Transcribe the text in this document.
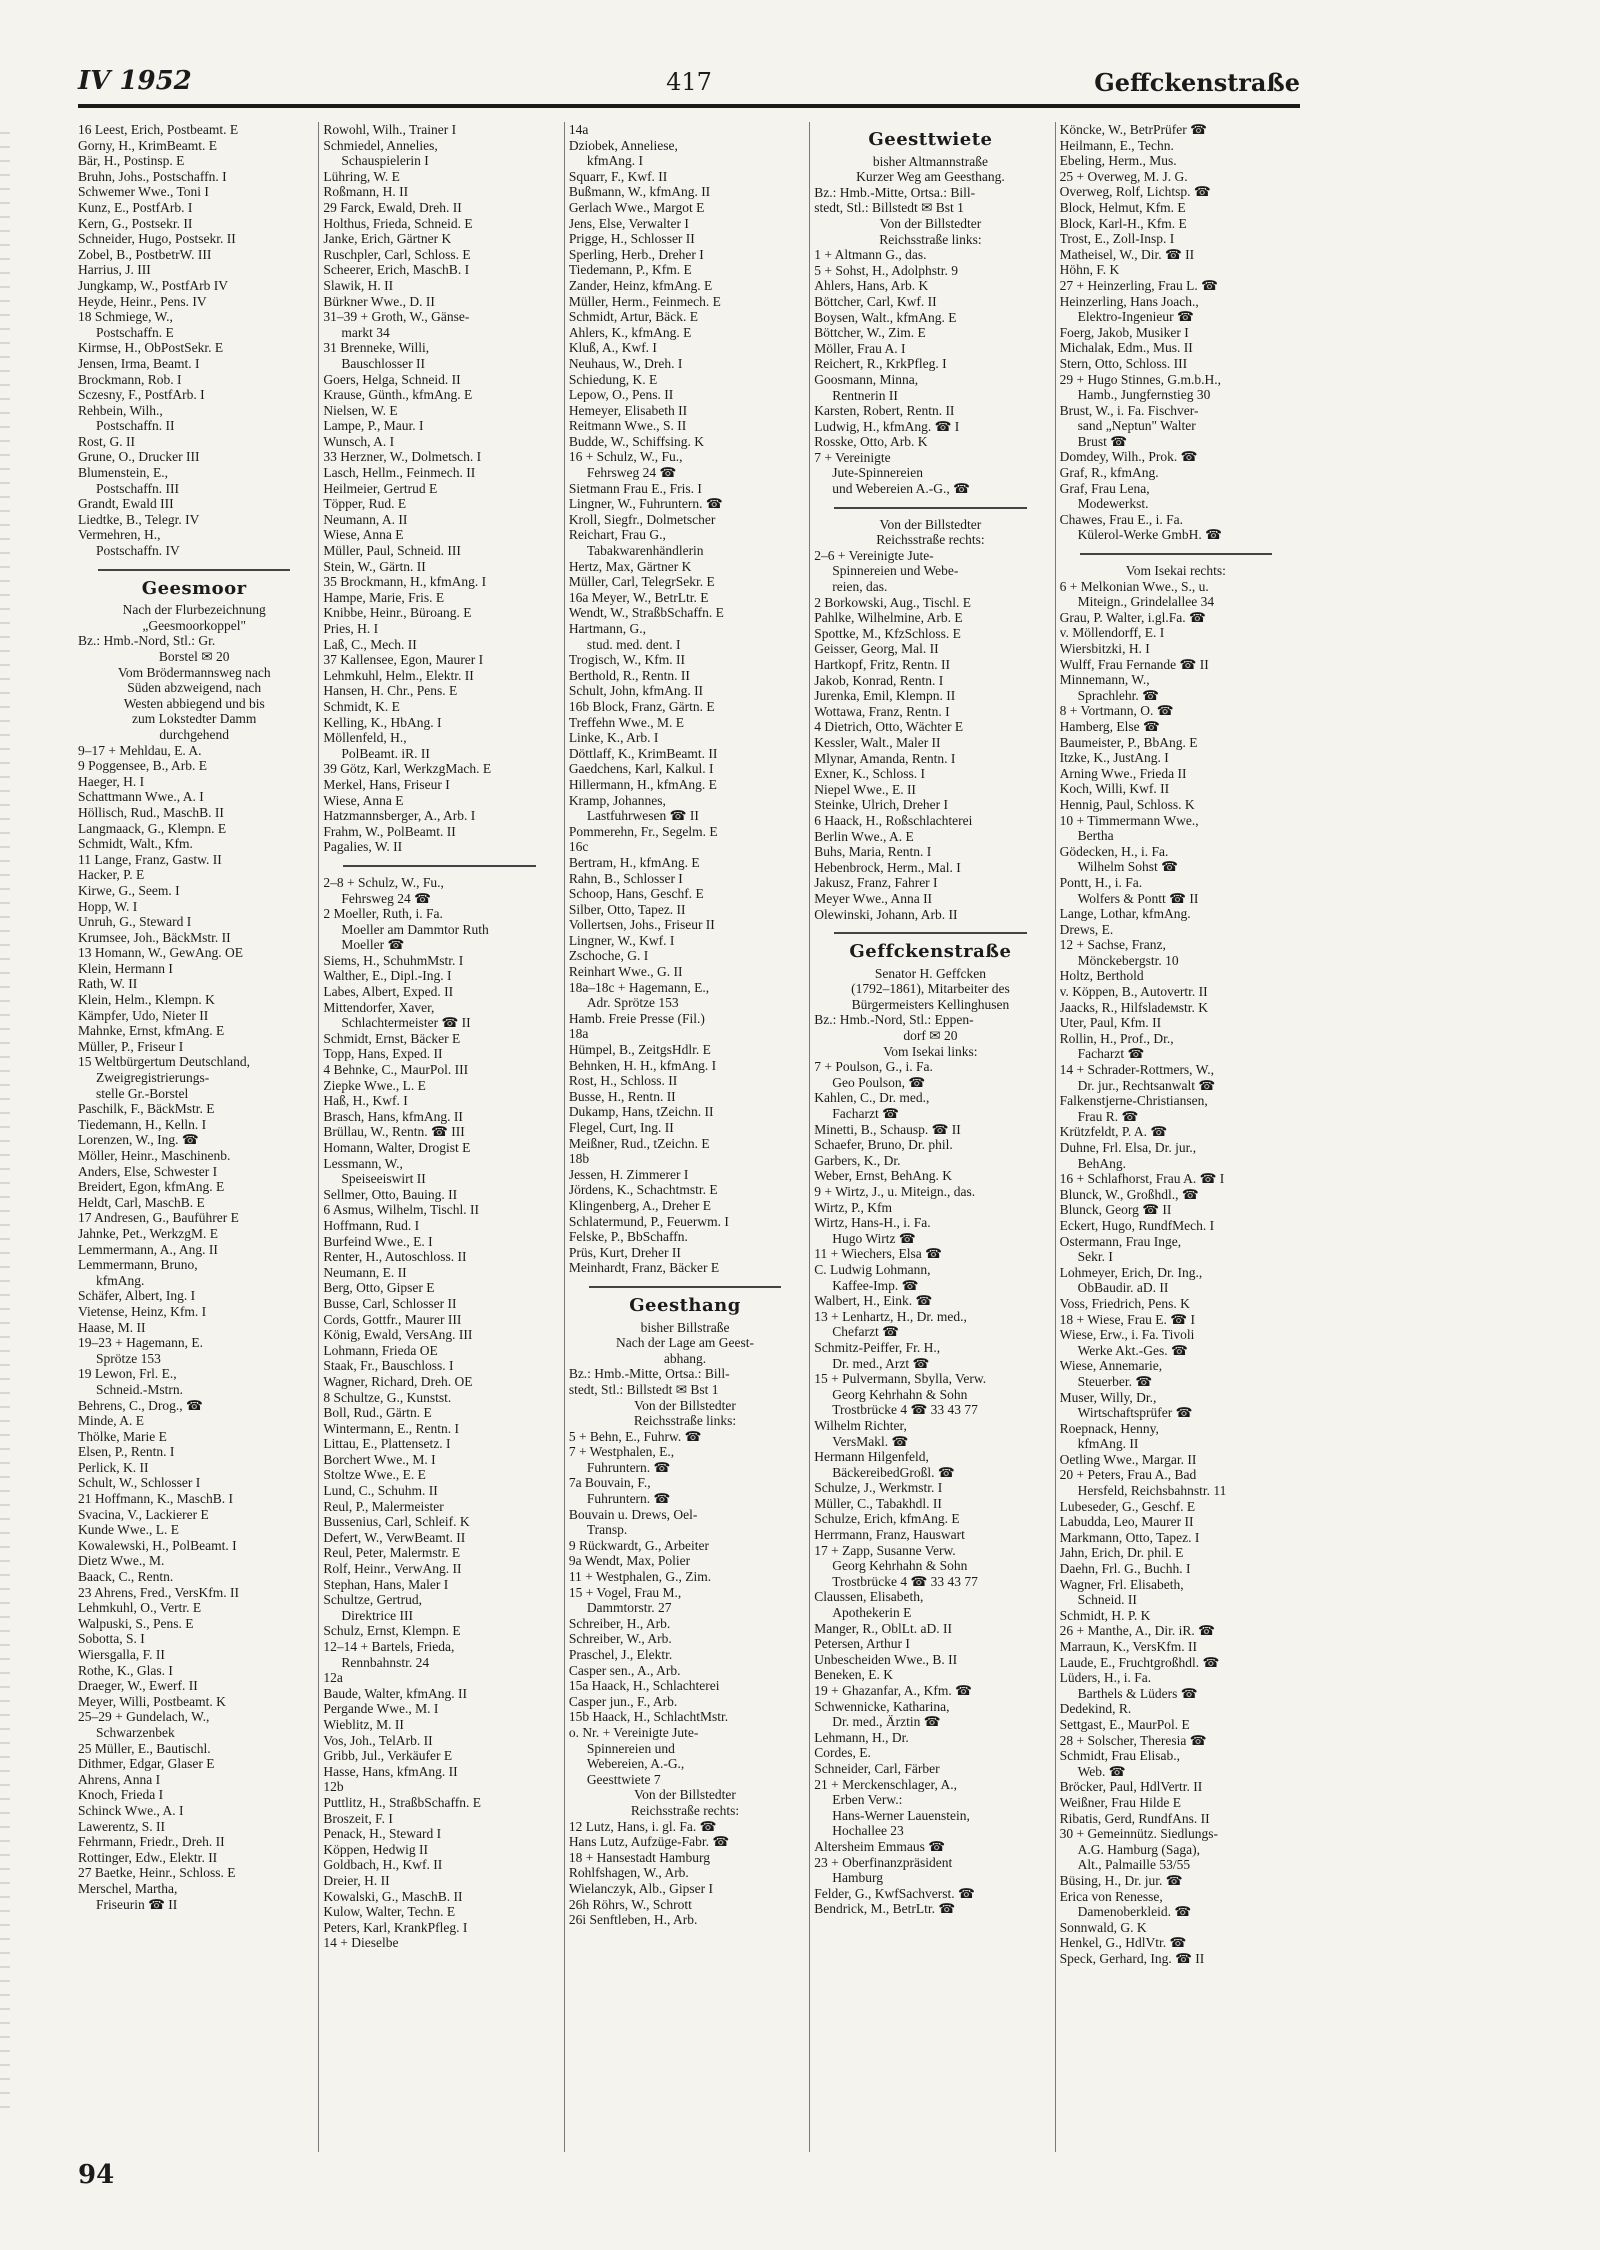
IV 1952	417	Geffckenstraße
16 Leest, Erich, Postbeamt. E
Gorny, H., KrimBeamt. E
Bär, H., Postinsp. E
Bruhn, Johs., Postschaffn. I
Schwemer Wwe., Toni I
Kunz, E., PostfArb. I
Kern, G., Postsekr. II
Schneider, Hugo, Postsekr. II
Zobel, B., PostbetrW. III
Harrius, J. III
Jungkamp, W., PostfArb IV
Heyde, Heinr., Pens. IV
18 Schmiege, W.,
Postschaffn. E
Kirmse, H., ObPostSekr. E
Jensen, Irma, Beamt. I
Brockmann, Rob. I
Sczesny, F., PostfArb. I
Rehbein, Wilh.,
Postschaffn. II
Rost, G. II
Grune, O., Drucker III
Blumenstein, E.,
Postschaffn. III
Grandt, Ewald III
Liedtke, B., Telegr. IV
Vermehren, H.,
Postschaffn. IV
Geesmoor
Nach der Flurbezeichnung
„Geesmoorkoppel"
Bz.: Hmb.-Nord, Stl.: Gr.
Borstel ✉ 20
Vom Brödermannsweg nach
Süden abzweigend, nach
Westen abbiegend und bis
zum Lokstedter Damm
durchgehend
9–17 + Mehldau, E. A.
9 Poggensee, B., Arb. E
Haeger, H. I
Schattmann Wwe., A. I
Höllisch, Rud., MaschB. II
Langmaack, G., Klempn. E
Schmidt, Walt., Kfm.
11 Lange, Franz, Gastw. II
Hacker, P. E
Kirwe, G., Seem. I
Hopp, W. I
Unruh, G., Steward I
Krumsee, Joh., BäckMstr. II
13 Homann, W., GewAng. OE
Klein, Hermann I
Rath, W. II
Klein, Helm., Klempn. K
Kämpfer, Udo, Nieter II
Mahnke, Ernst, kfmAng. E
Müller, P., Friseur I
15 Weltbürgertum Deutschland,
Zweigregistrierungs-
stelle Gr.-Borstel
Paschilk, F., BäckMstr. E
Tiedemann, H., Kelln. I
Lorenzen, W., Ing. ☎
Möller, Heinr., Maschinenb.
Anders, Else, Schwester I
Breidert, Egon, kfmAng. E
Heldt, Carl, MaschB. E
17 Andresen, G., Bauführer E
Jahnke, Pet., WerkzgM. E
Lemmermann, A., Ang. II
Lemmermann, Bruno,
kfmAng.
Schäfer, Albert, Ing. I
Vietense, Heinz, Kfm. I
Haase, M. II
19–23 + Hagemann, E.
Sprötze 153
19 Lewon, Frl. E.,
Schneid.-Mstrn.
Behrens, C., Drog., ☎
Minde, A. E
Thölke, Marie E
Elsen, P., Rentn. I
Perlick, K. II
Schult, W., Schlosser I
21 Hoffmann, K., MaschB. I
Svacina, V., Lackierer E
Kunde Wwe., L. E
Kowalewski, H., PolBeamt. I
Dietz Wwe., M.
Baack, C., Rentn.
23 Ahrens, Fred., VersKfm. II
Lehmkuhl, O., Vertr. E
Walpuski, S., Pens. E
Sobotta, S. I
Wiersgalla, F. II
Rothe, K., Glas. I
Draeger, W., Ewerf. II
Meyer, Willi, Postbeamt. K
25–29 + Gundelach, W.,
Schwarzenbek
25 Müller, E., Bautischl.
Dithmer, Edgar, Glaser E
Ahrens, Anna I
Knoch, Frieda I
Schinck Wwe., A. I
Lawerentz, S. II
Fehrmann, Friedr., Dreh. II
Rottinger, Edw., Elektr. II
27 Baetke, Heinr., Schloss. E
Merschel, Martha,
Friseurin ☎ II
Rowohl, Wilh., Trainer I
Schmiedel, Annelies,
Schauspielerin I
Lühring, W. E
Roßmann, H. II
29 Farck, Ewald, Dreh. II
Holthus, Frieda, Schneid. E
Janke, Erich, Gärtner K
Ruschpler, Carl, Schloss. E
Scheerer, Erich, MaschB. I
Slawik, H. II
Bürkner Wwe., D. II
31–39 + Groth, W., Gänse-
markt 34
31 Brenneke, Willi,
Bauschlosser II
Goers, Helga, Schneid. II
Krause, Günth., kfmAng. E
Nielsen, W. E
Lampe, P., Maur. I
Wunsch, A. I
33 Herzner, W., Dolmetsch. I
Lasch, Hellm., Feinmech. II
Heilmeier, Gertrud E
Töpper, Rud. E
Neumann, A. II
Wiese, Anna E
Müller, Paul, Schneid. III
Stein, W., Gärtn. II
35 Brockmann, H., kfmAng. I
Hampe, Marie, Fris. E
Knibbe, Heinr., Büroang. E
Pries, H. I
Laß, C., Mech. II
37 Kallensee, Egon, Maurer I
Lehmkuhl, Helm., Elektr. II
Hansen, H. Chr., Pens. E
Schmidt, K. E
Kelling, K., HbAng. I
Möllenfeld, H.,
PolBeamt. iR. II
39 Götz, Karl, WerkzgMach. E
Merkel, Hans, Friseur I
Wiese, Anna E
Hatzmannsberger, A., Arb. I
Frahm, W., PolBeamt. II
Pagalies, W. II
2–8 + Schulz, W., Fu.,
Fehrsweg 24 ☎
2 Moeller, Ruth, i. Fa.
Moeller am Dammtor Ruth
Moeller ☎
Siems, H., SchuhmMstr. I
Walther, E., Dipl.-Ing. I
Labes, Albert, Exped. II
Mittendorfer, Xaver,
Schlachtermeister ☎ II
Schmidt, Ernst, Bäcker E
Topp, Hans, Exped. II
4 Behnke, C., MaurPol. III
Ziepke Wwe., L. E
Haß, H., Kwf. I
Brasch, Hans, kfmAng. II
Brüllau, W., Rentn. ☎ III
Homann, Walter, Drogist E
Lessmann, W.,
Speiseeiswirt II
Sellmer, Otto, Bauing. II
6 Asmus, Wilhelm, Tischl. II
Hoffmann, Rud. I
Burfeind Wwe., E. I
Renter, H., Autoschloss. II
Neumann, E. II
Berg, Otto, Gipser E
Busse, Carl, Schlosser II
Cords, Gottfr., Maurer III
König, Ewald, VersAng. III
Lohmann, Frieda OE
Staak, Fr., Bauschloss. I
Wagner, Richard, Dreh. OE
8 Schultze, G., Kunstst.
Boll, Rud., Gärtn. E
Wintermann, E., Rentn. I
Littau, E., Plattensetz. I
Borchert Wwe., M. I
Stoltze Wwe., E. E
Lund, C., Schuhm. II
Reul, P., Malermeister
Bussenius, Carl, Schleif. K
Defert, W., VerwBeamt. II
Reul, Peter, Malermstr. E
Rolf, Heinr., VerwAng. II
Stephan, Hans, Maler I
Schultze, Gertrud,
Direktrice III
Schulz, Ernst, Klempn. E
12–14 + Bartels, Frieda,
Rennbahnstr. 24
12a
Baude, Walter, kfmAng. II
Pergande Wwe., M. I
Wieblitz, M. II
Vos, Joh., TelArb. II
Gribb, Jul., Verkäufer E
Hasse, Hans, kfmAng. II
12b
Puttlitz, H., StraßbSchaffn. E
Broszeit, F. I
Penack, H., Steward I
Köppen, Hedwig II
Goldbach, H., Kwf. II
Dreier, H. II
Kowalski, G., MaschB. II
Kulow, Walter, Techn. E
Peters, Karl, KrankPfleg. I
14 + Dieselbe
14a
Dziobek, Anneliese,
kfmAng. I
Squarr, F., Kwf. II
Bußmann, W., kfmAng. II
Gerlach Wwe., Margot E
Jens, Else, Verwalter I
Prigge, H., Schlosser II
Sperling, Herb., Dreher I
Tiedemann, P., Kfm. E
Zander, Heinz, kfmAng. E
Müller, Herm., Feinmech. E
Schmidt, Artur, Bäck. E
Ahlers, K., kfmAng. E
Kluß, A., Kwf. I
Neuhaus, W., Dreh. I
Schiedung, K. E
Lepow, O., Pens. II
Hemeyer, Elisabeth II
Reitmann Wwe., S. II
Budde, W., Schiffsing. K
16 + Schulz, W., Fu.,
Fehrsweg 24 ☎
Sietmann Frau E., Fris. I
Lingner, W., Fuhruntern. ☎
Kroll, Siegfr., Dolmetscher
Reichart, Frau G.,
Tabakwarenhändlerin
Hertz, Max, Gärtner K
Müller, Carl, TelegrSekr. E
16a Meyer, W., BetrLtr. E
Wendt, W., StraßbSchaffn. E
Hartmann, G.,
stud. med. dent. I
Trogisch, W., Kfm. II
Berthold, R., Rentn. II
Schult, John, kfmAng. II
16b Block, Franz, Gärtn. E
Treffehn Wwe., M. E
Linke, K., Arb. I
Döttlaff, K., KrimBeamt. II
Gaedchens, Karl, Kalkul. I
Hillermann, H., kfmAng. E
Kramp, Johannes,
Lastfuhrwesen ☎ II
Pommerehn, Fr., Segelm. E
16c
Bertram, H., kfmAng. E
Rahn, B., Schlosser I
Schoop, Hans, Geschf. E
Silber, Otto, Tapez. II
Vollertsen, Johs., Friseur II
Lingner, W., Kwf. I
Zschoche, G. I
Reinhart Wwe., G. II
18a–18c + Hagemann, E.,
Adr. Sprötze 153
Hamb. Freie Presse (Fil.)
18a
Hümpel, B., ZeitgsHdlr. E
Behnken, H. H., kfmAng. I
Rost, H., Schloss. II
Busse, H., Rentn. II
Dukamp, Hans, tZeichn. II
Flegel, Curt, Ing. II
Meißner, Rud., tZeichn. E
18b
Jessen, H. Zimmerer I
Jördens, K., Schachtmstr. E
Klingenberg, A., Dreher E
Schlatermund, P., Feuerwm. I
Felske, P., BbSchaffn.
Prüs, Kurt, Dreher II
Meinhardt, Franz, Bäcker E
Geesthang
bisher Billstraße
Nach der Lage am Geest-
abhang.
Bz.: Hmb.-Mitte, Ortsa.: Bill-
stedt, Stl.: Billstedt ✉ Bst 1
Von der Billstedter
Reichsstraße links:
5 + Behn, E., Fuhrw. ☎
7 + Westphalen, E.,
Fuhruntern. ☎
7a Bouvain, F.,
Fuhruntern. ☎
Bouvain u. Drews, Oel-
Transp.
9 Rückwardt, G., Arbeiter
9a Wendt, Max, Polier
11 + Westphalen, G., Zim.
15 + Vogel, Frau M.,
Dammtorstr. 27
Schreiber, H., Arb.
Schreiber, W., Arb.
Praschel, J., Elektr.
Casper sen., A., Arb.
15a Haack, H., Schlachterei
Casper jun., F., Arb.
15b Haack, H., SchlachtMstr.
o. Nr. + Vereinigte Jute-
Spinnereien und
Webereien, A.-G.,
Geesttwiete 7
Von der Billstedter
Reichsstraße rechts:
12 Lutz, Hans, i. gl. Fa. ☎
Hans Lutz, Aufzüge-Fabr. ☎
18 + Hansestadt Hamburg
Rohlfshagen, W., Arb.
Wielanczyk, Alb., Gipser I
26h Röhrs, W., Schrott
26i Senftleben, H., Arb.
Geesttwiete
bisher Altmannstraße
Kurzer Weg am Geesthang.
Bz.: Hmb.-Mitte, Ortsa.: Bill-
stedt, Stl.: Billstedt ✉ Bst 1
Von der Billstedter
Reichsstraße links:
1 + Altmann G., das.
5 + Sohst, H., Adolphstr. 9
Ahlers, Hans, Arb. K
Böttcher, Carl, Kwf. II
Boysen, Walt., kfmAng. E
Böttcher, W., Zim. E
Möller, Frau A. I
Reichert, R., KrkPfleg. I
Goosmann, Minna,
Rentnerin II
Karsten, Robert, Rentn. II
Ludwig, H., kfmAng. ☎ I
Rosske, Otto, Arb. K
7 + Vereinigte
Jute-Spinnereien
und Webereien A.-G., ☎
Von der Billstedter
Reichsstraße rechts:
2–6 + Vereinigte Jute-
Spinnereien und Webe-
reien, das.
2 Borkowski, Aug., Tischl. E
Pahlke, Wilhelmine, Arb. E
Spottke, M., KfzSchloss. E
Geisser, Georg, Mal. II
Hartkopf, Fritz, Rentn. II
Jakob, Konrad, Rentn. I
Jurenka, Emil, Klempn. II
Wottawa, Franz, Rentn. I
4 Dietrich, Otto, Wächter E
Kessler, Walt., Maler II
Mlynar, Amanda, Rentn. I
Exner, K., Schloss. I
Niepel Wwe., E. II
Steinke, Ulrich, Dreher I
6 Haack, H., Roßschlachterei
Berlin Wwe., A. E
Buhs, Maria, Rentn. I
Hebenbrock, Herm., Mal. I
Jakusz, Franz, Fahrer I
Meyer Wwe., Anna II
Olewinski, Johann, Arb. II
Geffckenstraße
Senator H. Geffcken
(1792–1861), Mitarbeiter des
Bürgermeisters Kellinghusen
Bz.: Hmb.-Nord, Stl.: Eppen-
dorf ✉ 20
Vom Isekai links:
7 + Poulson, G., i. Fa.
Geo Poulson, ☎
Kahlen, C., Dr. med.,
Facharzt ☎
Minetti, B., Schausp. ☎ II
Schaefer, Bruno, Dr. phil.
Garbers, K., Dr.
Weber, Ernst, BehAng. K
9 + Wirtz, J., u. Miteign., das.
Wirtz, P., Kfm
Wirtz, Hans-H., i. Fa.
Hugo Wirtz ☎
11 + Wiechers, Elsa ☎
C. Ludwig Lohmann,
Kaffee-Imp. ☎
Walbert, H., Eink. ☎
13 + Lenhartz, H., Dr. med.,
Chefarzt ☎
Schmitz-Peiffer, Fr. H.,
Dr. med., Arzt ☎
15 + Pulvermann, Sbylla, Verw.
Georg Kehrhahn & Sohn
Trostbrücke 4 ☎ 33 43 77
Wilhelm Richter,
VersMakl. ☎
Hermann Hilgenfeld,
BäckereibedGroßl. ☎
Schulze, J., Werkmstr. I
Müller, C., Tabakhdl. II
Schulze, Erich, kfmAng. E
Herrmann, Franz, Hauswart
17 + Zapp, Susanne Verw.
Georg Kehrhahn & Sohn
Trostbrücke 4 ☎ 33 43 77
Claussen, Elisabeth,
Apothekerin E
Manger, R., OblLt. aD. II
Petersen, Arthur I
Unbescheiden Wwe., B. II
Beneken, E. K
19 + Ghazanfar, A., Kfm. ☎
Schwennicke, Katharina,
Dr. med., Ärztin ☎
Lehmann, H., Dr.
Cordes, E.
Schneider, Carl, Färber
21 + Merckenschlager, A.,
Erben Verw.:
Hans-Werner Lauenstein,
Hochallee 23
Altersheim Emmaus ☎
23 + Oberfinanzpräsident
Hamburg
Felder, G., KwfSachverst. ☎
Bendrick, M., BetrLtr. ☎
Köncke, W., BetrPrüfer ☎
Heilmann, E., Techn.
Ebeling, Herm., Mus.
25 + Overweg, M. J. G.
Overweg, Rolf, Lichtsp. ☎
Block, Helmut, Kfm. E
Block, Karl-H., Kfm. E
Trost, E., Zoll-Insp. I
Matheisel, W., Dir. ☎ II
Höhn, F. K
27 + Heinzerling, Frau L. ☎
Heinzerling, Hans Joach.,
Elektro-Ingenieur ☎
Foerg, Jakob, Musiker I
Michalak, Edm., Mus. II
Stern, Otto, Schloss. III
29 + Hugo Stinnes, G.m.b.H.,
Hamb., Jungfernstieg 30
Brust, W., i. Fa. Fischver-
sand „Neptun" Walter
Brust ☎
Domdey, Wilh., Prok. ☎
Graf, R., kfmAng.
Graf, Frau Lena,
Modewerkst.
Chawes, Frau E., i. Fa.
Külerol-Werke GmbH. ☎
Vom Isekai rechts:
6 + Melkonian Wwe., S., u.
Miteign., Grindelallee 34
Grau, P. Walter, i.gl.Fa. ☎
v. Möllendorff, E. I
Wiersbitzki, H. I
Wulff, Frau Fernande ☎ II
Minnemann, W.,
Sprachlehr. ☎
8 + Vortmann, O. ☎
Hamberg, Else ☎
Baumeister, P., BbAng. E
Itzke, K., JustAng. I
Arning Wwe., Frieda II
Koch, Willi, Kwf. II
Hennig, Paul, Schloss. K
10 + Timmermann Wwe.,
Bertha
Gödecken, H., i. Fa.
Wilhelm Sohst ☎
Pontt, H., i. Fa.
Wolfers & Pontt ☎ II
Lange, Lothar, kfmAng.
Drews, E.
12 + Sachse, Franz,
Mönckebergstr. 10
Holtz, Berthold
v. Köppen, B., Autovertr. II
Jaacks, R., Hilfsladeмstr. K
Uter, Paul, Kfm. II
Rollin, H., Prof., Dr.,
Facharzt ☎
14 + Schrader-Rottmers, W.,
Dr. jur., Rechtsanwalt ☎
Falkenstjerne-Christiansen,
Frau R. ☎
Krützfeldt, P. A. ☎
Duhne, Frl. Elsa, Dr. jur.,
BehAng.
16 + Schlafhorst, Frau A. ☎ I
Blunck, W., Großhdl., ☎
Blunck, Georg ☎ II
Eckert, Hugo, RundfMech. I
Ostermann, Frau Inge,
Sekr. I
Lohmeyer, Erich, Dr. Ing.,
ObBaudir. aD. II
Voss, Friedrich, Pens. K
18 + Wiese, Frau E. ☎ I
Wiese, Erw., i. Fa. Tivoli
Werke Akt.-Ges. ☎
Wiese, Annemarie,
Steuerber. ☎
Muser, Willy, Dr.,
Wirtschaftsprüfer ☎
Roepnack, Henny,
kfmAng. II
Oetling Wwe., Margar. II
20 + Peters, Frau A., Bad
Hersfeld, Reichsbahnstr. 11
Lubeseder, G., Geschf. E
Labudda, Leo, Maurer II
Markmann, Otto, Tapez. I
Jahn, Erich, Dr. phil. E
Daehn, Frl. G., Buchh. I
Wagner, Frl. Elisabeth,
Schneid. II
Schmidt, H. P. K
26 + Manthe, A., Dir. iR. ☎
Marraun, K., VersKfm. II
Laude, E., Fruchtgroßhdl. ☎
Lüders, H., i. Fa.
Barthels & Lüders ☎
Dedekind, R.
Settgast, E., MaurPol. E
28 + Solscher, Theresia ☎
Schmidt, Frau Elisab.,
Web. ☎
Bröcker, Paul, HdlVertr. II
Weißner, Frau Hilde E
Ribatis, Gerd, RundfAns. II
30 + Gemeinnütz. Siedlungs-
A.G. Hamburg (Saga),
Alt., Palmaille 53/55
Büsing, H., Dr. jur. ☎
Erica von Renesse,
Damenoberkleid. ☎
Sonnwald, G. K
Henkel, G., HdlVtr. ☎
Speck, Gerhard, Ing. ☎ II
94
